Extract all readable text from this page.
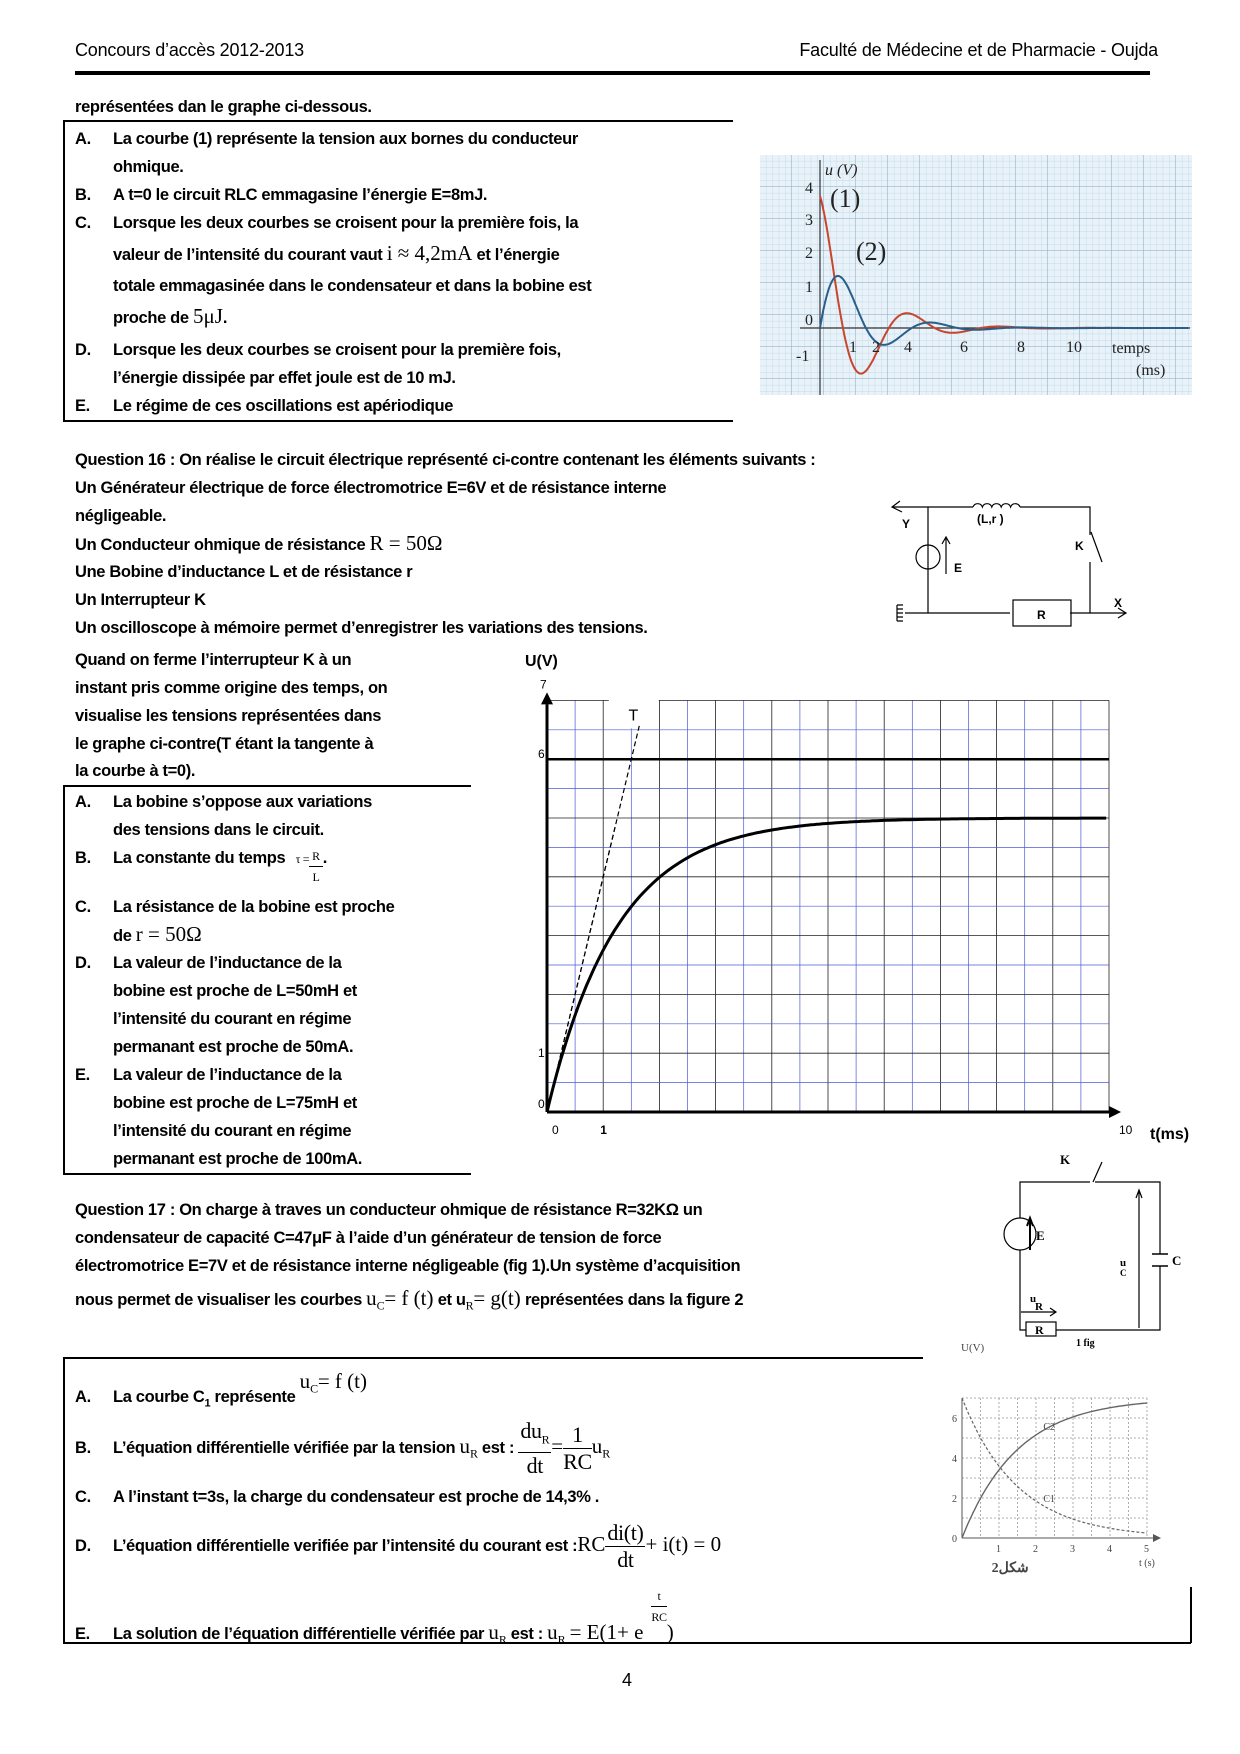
Concours d’accès 2012-2013	Faculté de Médecine et de Pharmacie - Oujda
représentées dan le graphe ci-dessous.
A. La courbe (1) représente la tension aux bornes du conducteur
ohmique.
B. A t=0 le circuit RLC emmagasine l’énergie E=8mJ.
C. Lorsque les deux courbes se croisent pour la première fois, la
valeur de l’intensité du courant vaut i ≈ 4,2mA et l’énergie
totale emmagasinée dans le condensateur et dans la bobine est
proche de 5μJ.
D. Lorsque les deux courbes se croisent pour la première fois,
l’énergie dissipée par effet joule est de 10 mJ.
E. Le régime de ces oscillations est apériodique
u (V)
(1)
(2)
4
3
2
1
0
-1
1 2 4	6	8	10 temps
(ms)
Question 16 : On réalise le circuit électrique représenté ci-contre contenant les éléments suivants :
Un Générateur électrique de force électromotrice E=6V et de résistance interne
négligeable.
Un Conducteur ohmique de résistance R = 50Ω
Une Bobine d’inductance L et de résistance r
Un Interrupteur K
Un oscilloscope à mémoire permet d’enregistrer les variations des tensions.
(L,r )
Y
X
K
E
R
Quand on ferme l’interrupteur K à un
instant pris comme origine des temps, on
visualise les tensions représentées dans
le graphe ci-contre(T étant la tangente à
la courbe à t=0).
A. La bobine s’oppose aux variations
des tensions dans le circuit.
B. La constante du temps $\tau = \frac{R}{L}$ .
C. La résistance de la bobine est proche
de r = 50Ω
D. La valeur de l’inductance de la
bobine est proche de L=50mH et
l’intensité du courant en régime
permanant est proche de 50mA.
E. La valeur de l’inductance de la
bobine est proche de L=75mH et
l’intensité du courant en régime
permanant est proche de 100mA.
U(V)
T
7
6
1
0
0	1	10 t(ms)
Question 17 : On charge à traves un conducteur ohmique de résistance R=32KΩ un
condensateur de capacité C=47μF à l’aide d’un générateur de tension de force
électromotrice E=7V et de résistance interne négligeable (fig 1).Un système d’acquisition
nous permet de visualiser les courbes $u_C= f$ (t) et $u_R= g(t)$ représentées dans la figure 2
K
E
C
u
C
u
R
R
1 fig
A. La courbe $C_1$ représente $u_C= f$ (t)
B. L’équation différentielle vérifiée par la tension $u_R$ est : $\frac{du_R}{dt} = \frac{1}{RC} u_R$
C. A l’instant t=3s, la charge du condensateur est proche de 14,3% .
D. L’équation différentielle verifiée par l’intensité du courant est :RC $\frac{di(t)}{dt} + i(t) = 0$
E. La solution de l’équation différentielle vérifiée par $u_R$ est : $u_R = E(1+ e$
$\frac{t}{RC}$
)
U(V)
C2
C1
6
4
2
0
1	2	3	4	5
t (s)
شكل2
4
